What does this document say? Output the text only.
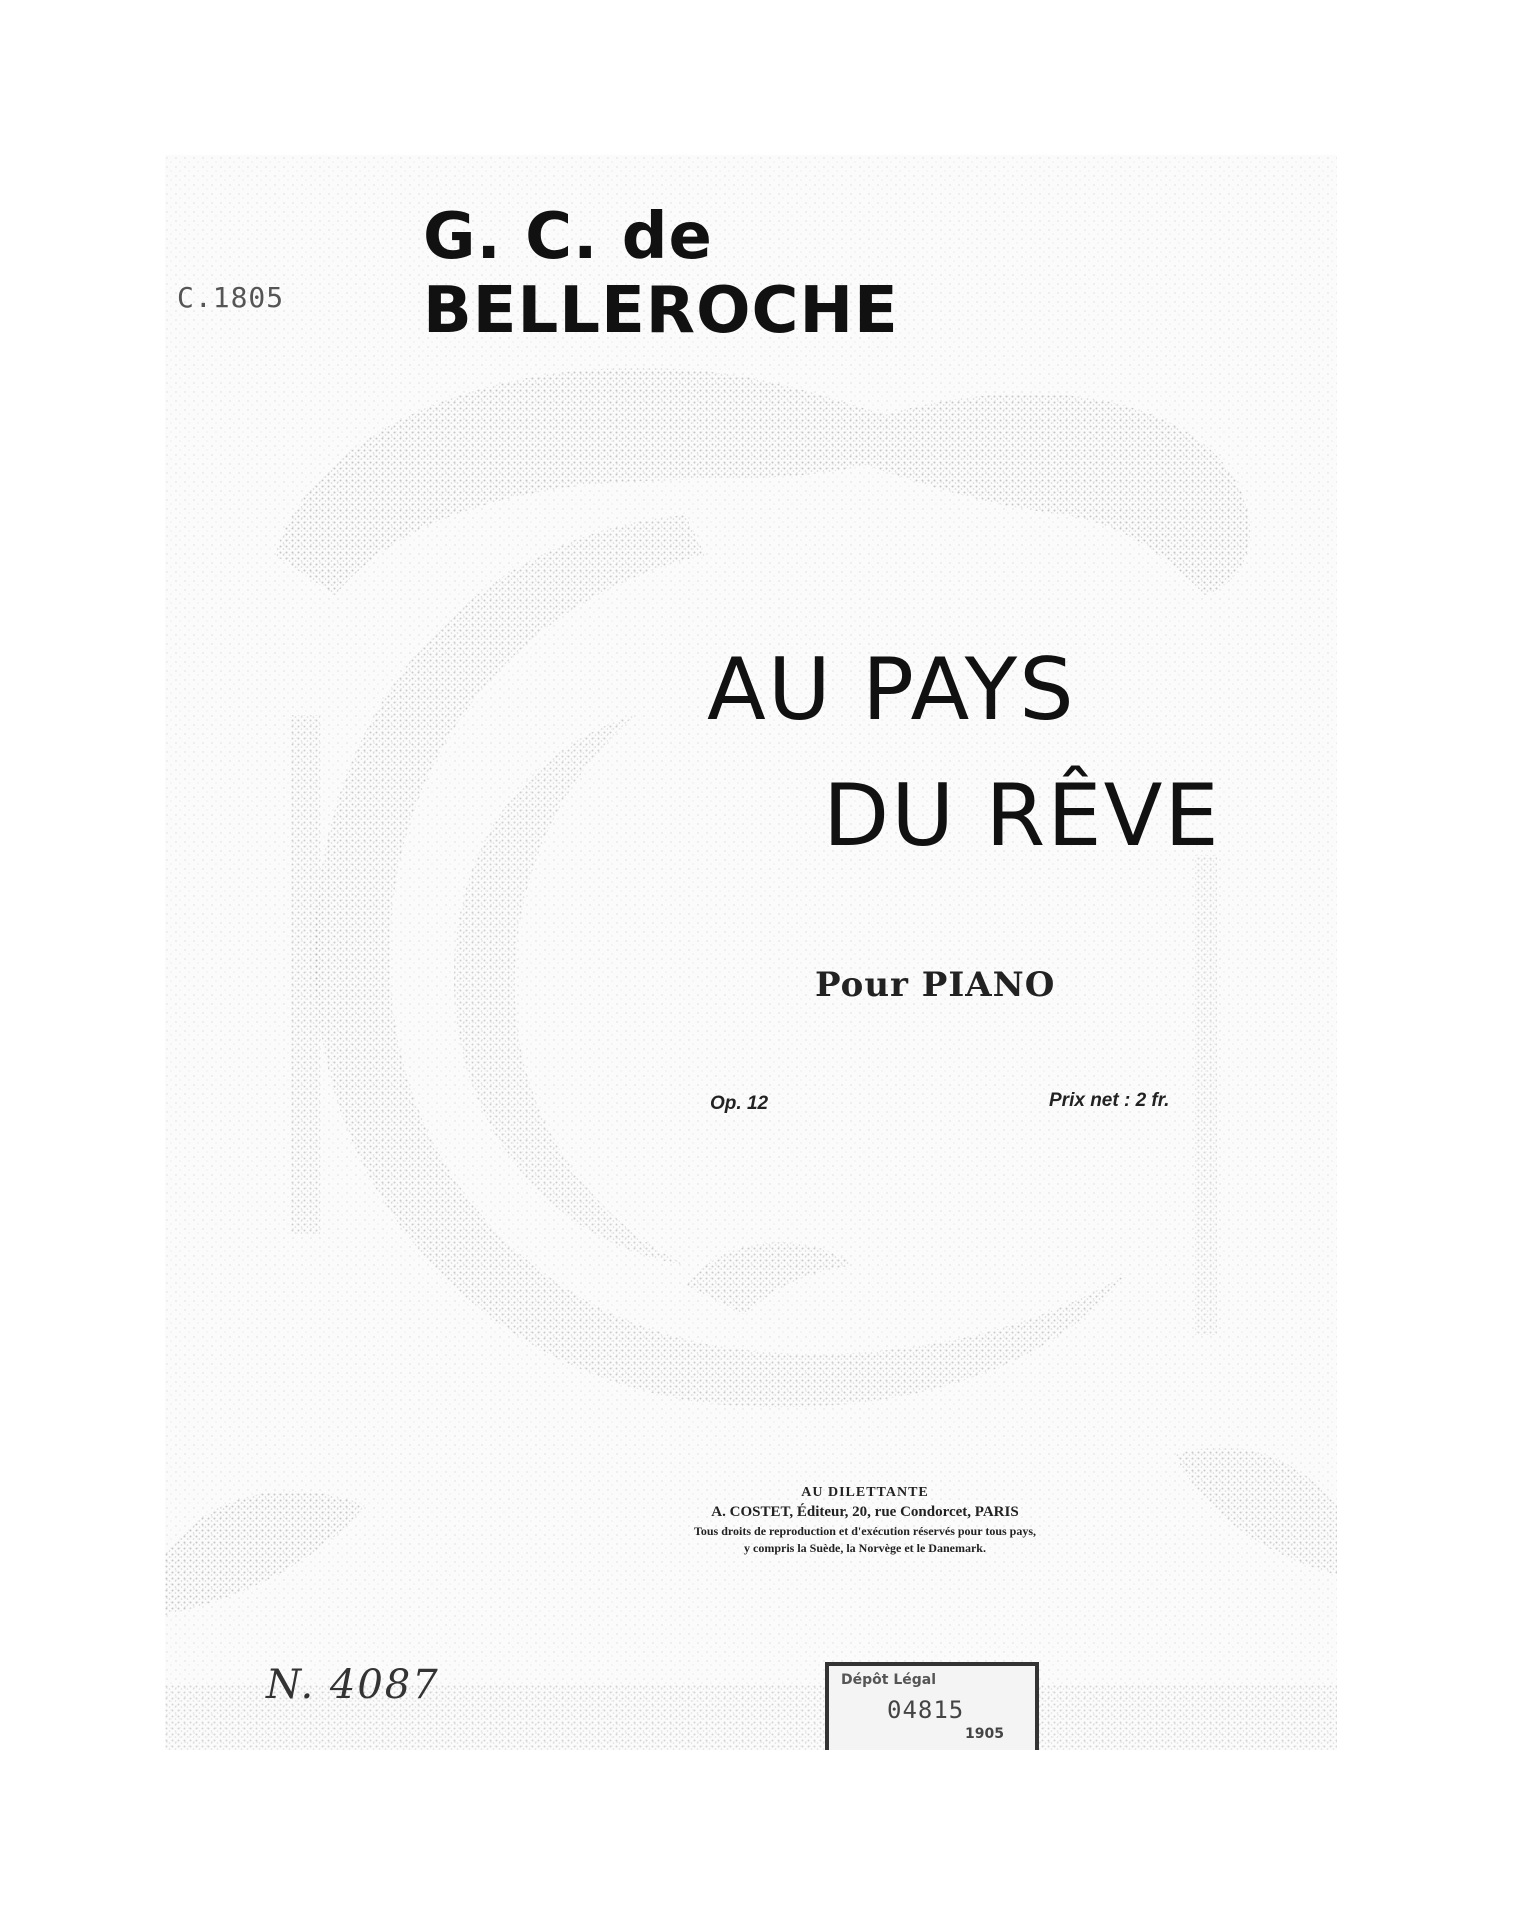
G. C. de BELLEROCHE
C.1805
AU PAYS
DU RÊVE
Pour PIANO
Op. 12	Prix net : 2 fr.
AU DILETTANTE
A. COSTET, Éditeur, 20, rue Condorcet, PARIS
Tous droits de reproduction et d'exécution réservés pour tous pays,
y compris la Suède, la Norvège et le Danemark.
Dépôt Légal
04815
1905
N. 4087
